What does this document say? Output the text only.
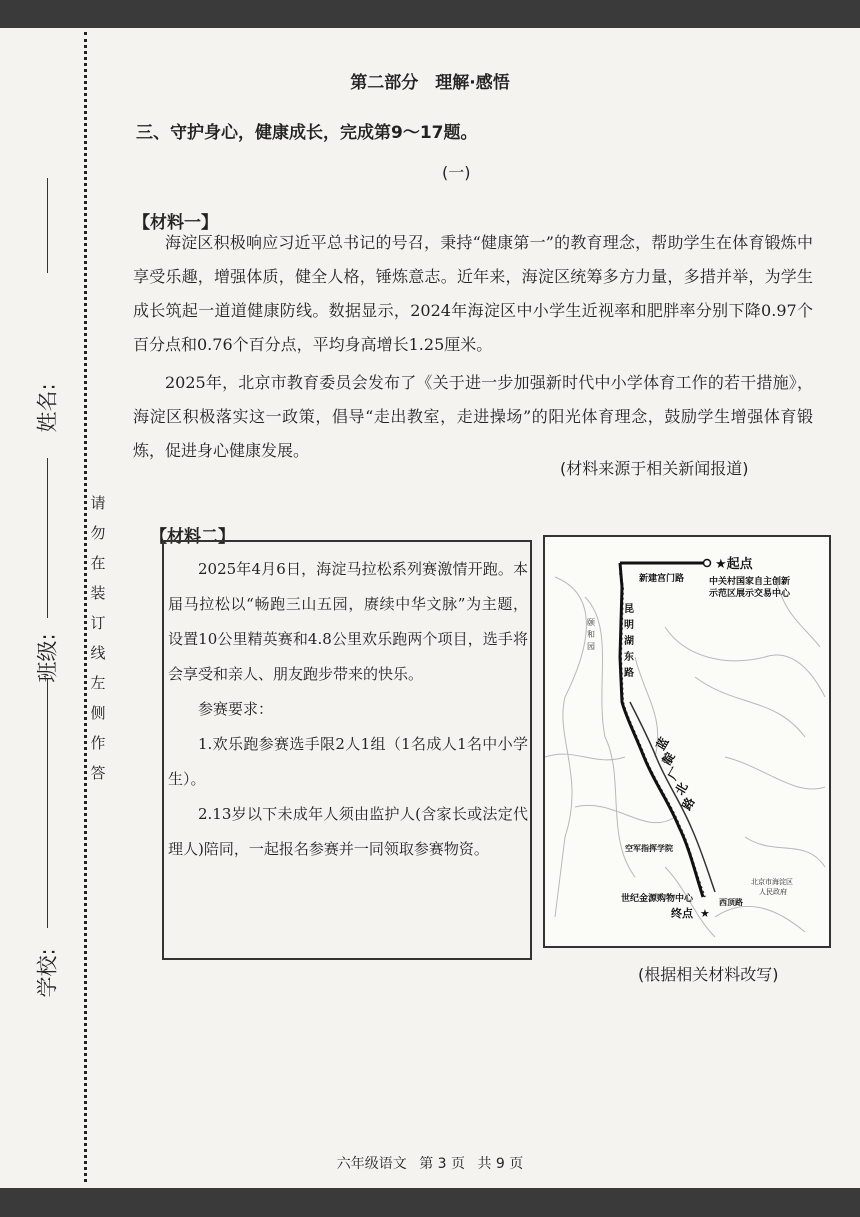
姓名:
班级:
学校:
请
勿
在
装
订
线
左
侧
作
答
第二部分　理解·感悟
三、守护身心，健康成长，完成第9～17题。
(一)
【材料一】

海淀区积极响应习近平总书记的号召，秉持“健康第一”的教育理念，帮助学生在体育锻炼中享受乐趣，增强体质，健全人格，锤炼意志。近年来，海淀区统筹多方力量，多措并举，为学生成长筑起一道道健康防线。数据显示，2024年海淀区中小学生近视率和肥胖率分别下降0.97个百分点和0.76个百分点，平均身高增长1.25厘米。

2025年，北京市教育委员会发布了《关于进一步加强新时代中小学体育工作的若干措施》，海淀区积极落实这一政策，倡导“走出教室，走进操场”的阳光体育理念，鼓励学生增强体育锻炼，促进身心健康发展。

(材料来源于相关新闻报道)
【材料二】

2025年4月6日，海淀马拉松系列赛激情开跑。本届马拉松以“畅跑三山五园，赓续中华文脉”为主题，设置10公里精英赛和4.8公里欢乐跑两个项目，选手将会享受和亲人、朋友跑步带来的快乐。

参赛要求：

1.欢乐跑参赛选手限2人1组（1名成人1名中小学生）。

2.13岁以下未成年人须由监护人(含家长或法定代理人)陪同，一起报名参赛并一同领取参赛物资。

★起点
中关村国家自主创新 示范区展示交易中心
新建宫门路
昆
明
湖
东
路
颐
和
园
蓝
靛
厂
北
路
空军指挥学院
世纪金源购物中心
终点 ★
西顶路
北京市海淀区 人民政府
(根据相关材料改写)
六年级语文 第 3 页 共 9 页
